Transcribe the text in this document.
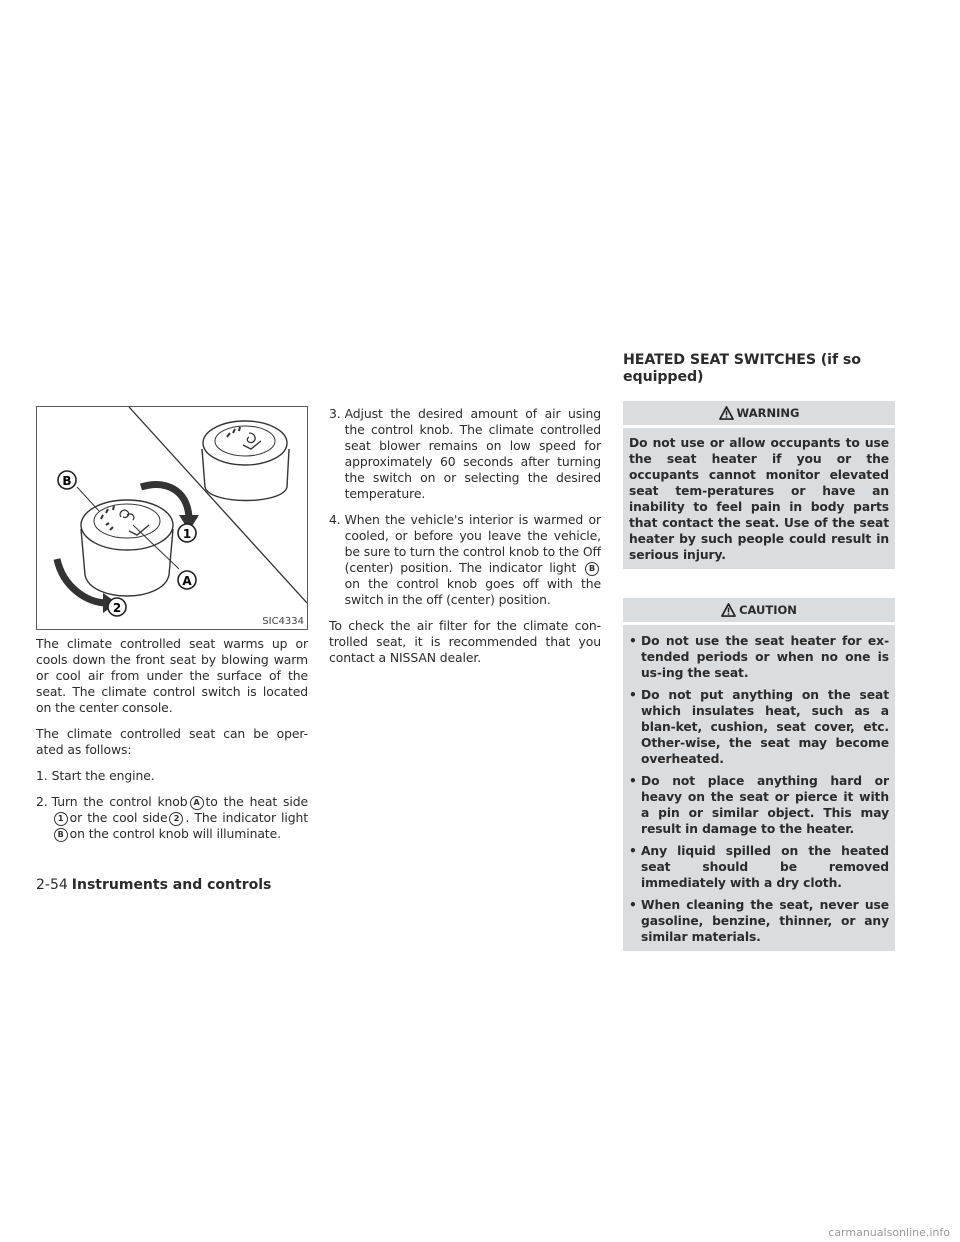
B
1
A
2
SIC4334

The climate controlled seat warms up or cools down the front seat by blowing warm or cool air from under the surface of the seat. The climate control switch is located on the center console.

The climate controlled seat can be oper-ated as follows:

1. Start the engine.
2. Turn the control knob A to the heat side 1 or the cool side 2 . The indicator light B on the control knob will illuminate.
3. Adjust the desired amount of air using the control knob. The climate controlled seat blower remains on low speed for approximately 60 seconds after turning the switch on or selecting the desired temperature.
4. When the vehicle's interior is warmed or cooled, or before you leave the vehicle, be sure to turn the control knob to the Off (center) position. The indicator light Bon the control knob goes off with the switch in the off (center) position.

To check the air filter for the climate con-trolled seat, it is recommended that you contact a NISSAN dealer.

HEATED SEAT SWITCHES (if so equipped)
WARNING
Do not use or allow occupants to use the seat heater if you or the occupants cannot monitor elevated seat tem-peratures or have an inability to feel pain in body parts that contact the seat. Use of the seat heater by such people could result in serious injury.
CAUTION
• Do not use the seat heater for ex-tended periods or when no one is us-ing the seat.
• Do not put anything on the seat which insulates heat, such as a blan-ket, cushion, seat cover, etc. Other-wise, the seat may become overheated.
• Do not place anything hard or heavy on the seat or pierce it with a pin or similar object. This may result in damage to the heater.
• Any liquid spilled on the heated seat should be removed immediately with a dry cloth.
• When cleaning the seat, never use gasoline, benzine, thinner, or any similar materials.
2-54 Instruments and controls
carmanualsonline.info
